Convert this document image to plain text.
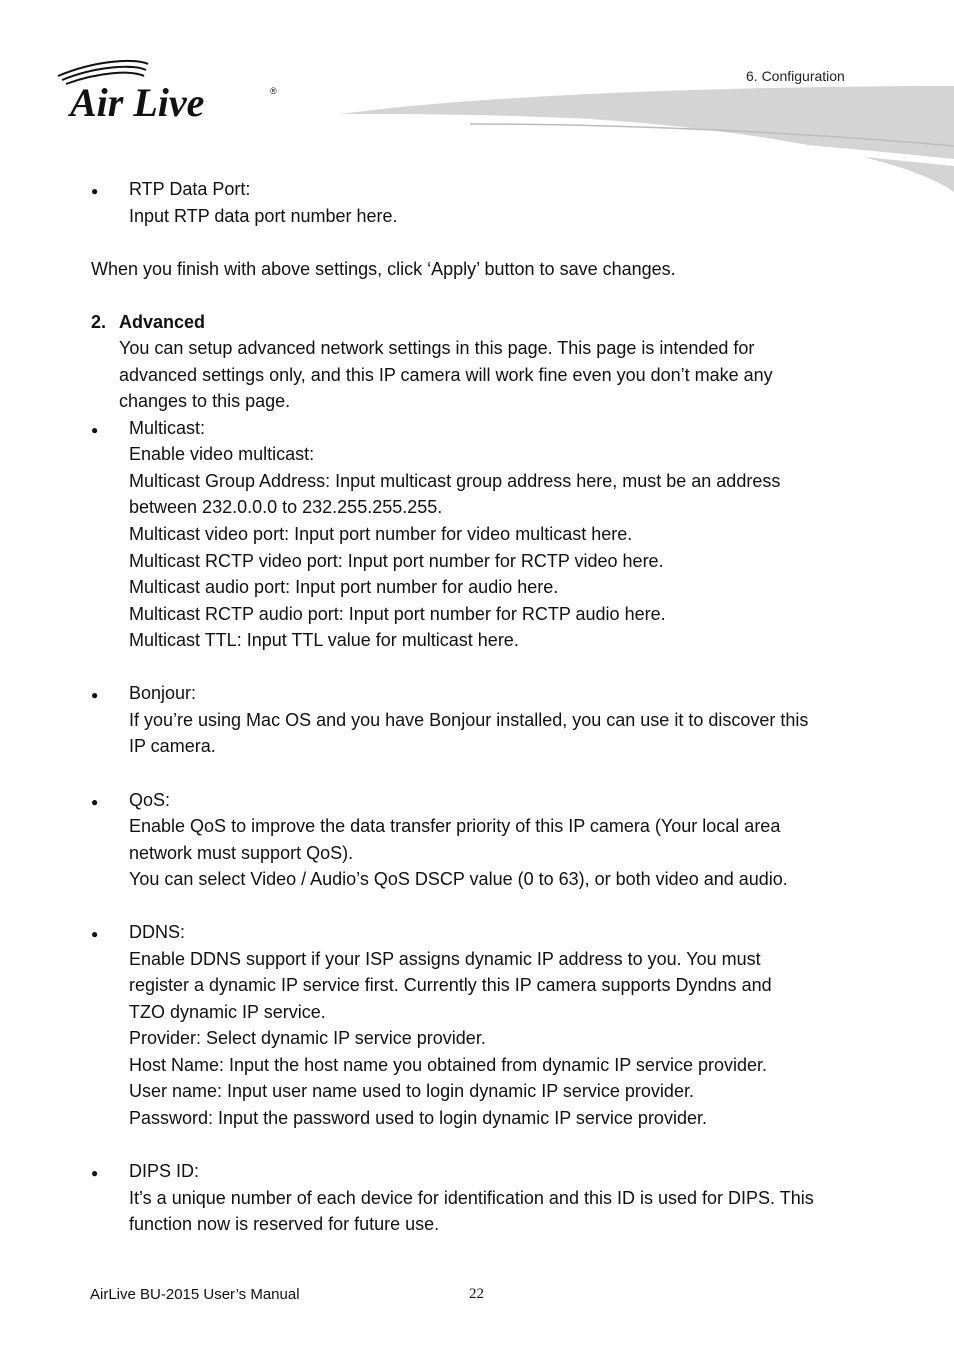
Air Live	®
6. Configuration
● RTP Data Port:
Input RTP data port number here.
When you finish with above settings, click ‘Apply’ button to save changes.
2. Advanced
You can setup advanced network settings in this page. This page is intended for
advanced settings only, and this IP camera will work fine even you don’t make any
changes to this page.
● Multicast:
Enable video multicast:
Multicast Group Address: Input multicast group address here, must be an address
between 232.0.0.0 to 232.255.255.255.
Multicast video port: Input port number for video multicast here.
Multicast RCTP video port: Input port number for RCTP video here.
Multicast audio port: Input port number for audio here.
Multicast RCTP audio port: Input port number for RCTP audio here.
Multicast TTL: Input TTL value for multicast here.
● Bonjour:
If you’re using Mac OS and you have Bonjour installed, you can use it to discover this
IP camera.
● QoS:
Enable QoS to improve the data transfer priority of this IP camera (Your local area
network must support QoS).
You can select Video / Audio’s QoS DSCP value (0 to 63), or both video and audio.
● DDNS:
Enable DDNS support if your ISP assigns dynamic IP address to you. You must
register a dynamic IP service first. Currently this IP camera supports Dyndns and
TZO dynamic IP service.
Provider: Select dynamic IP service provider.
Host Name: Input the host name you obtained from dynamic IP service provider.
User name: Input user name used to login dynamic IP service provider.
Password: Input the password used to login dynamic IP service provider.
● DIPS ID:
It’s a unique number of each device for identification and this ID is used for DIPS. This
function now is reserved for future use.
AirLive BU-2015 User’s Manual	22
